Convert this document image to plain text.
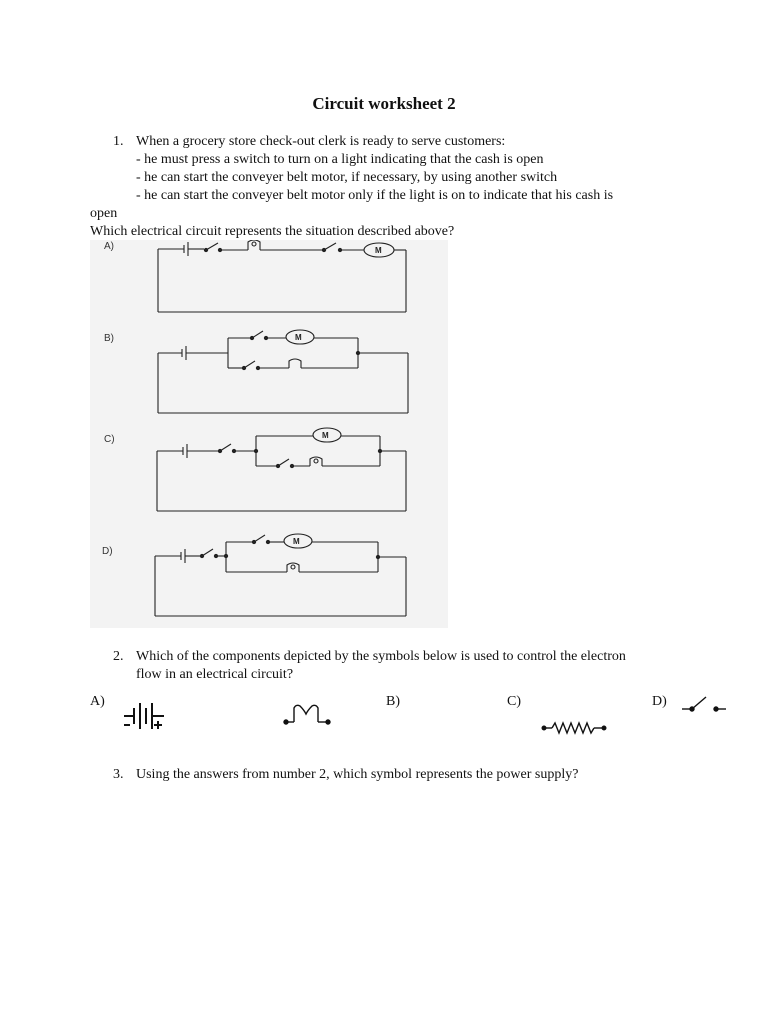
Circuit worksheet 2
1. When a grocery store check-out clerk is ready to serve customers:
- he must press a switch to turn on a light indicating that the cash is open
- he can start the conveyer belt motor, if necessary, by using another switch
- he can start the conveyer belt motor only if the light is on to indicate that his cash is
open
Which electrical circuit represents the situation described above?
A)	M
B)	M
C)	M
D)
M
2. Which of the components depicted by the symbols below is used to control the electron
flow in an electrical circuit?
A)	B)	C)	D)
3. Using the answers from number 2, which symbol represents the power supply?
